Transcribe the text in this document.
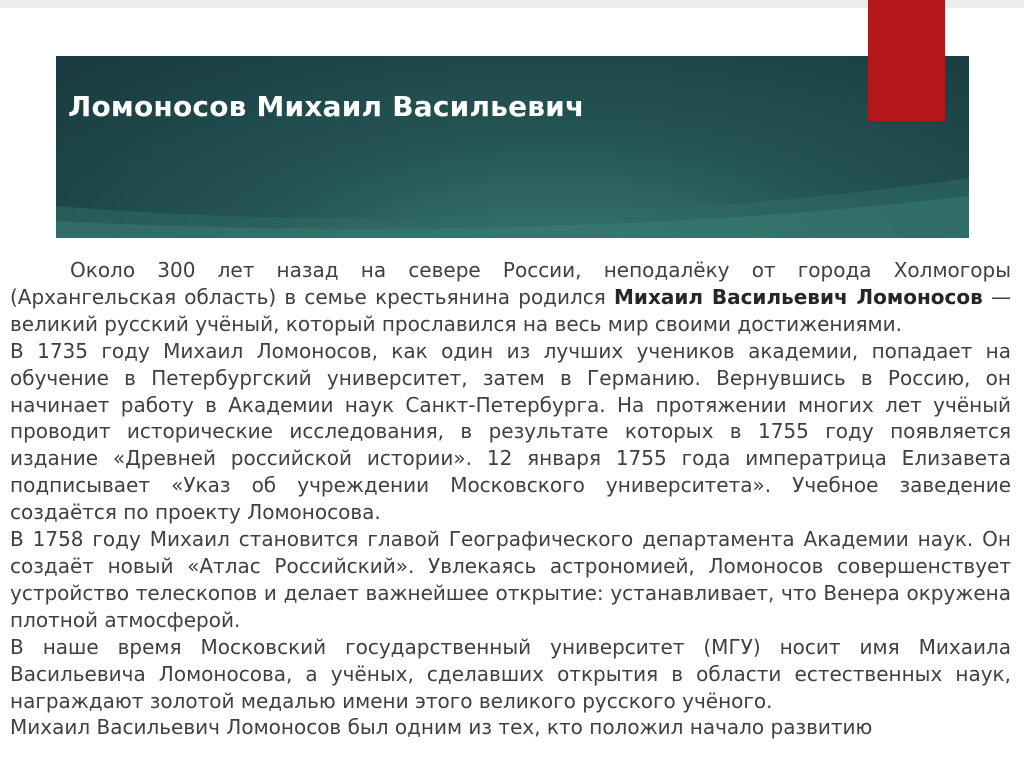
Ломоносов Михаил Васильевич

Около 300 лет назад на севере России, неподалёку от города Холмогоры (Архангельская область) в семье крестьянина родился Михаил Васильевич Ломоносов — великий русский учёный, который прославился на весь мир своими достижениями.

В 1735 году Михаил Ломоносов, как один из лучших учеников академии, попадает на обучение в Петербургский университет, затем в Германию. Вернувшись в Россию, он начинает работу в Академии наук Санкт-Петербурга. На протяжении многих лет учёный проводит исторические исследования, в результате которых в 1755 году появляется издание «Древней российской истории». 12 января 1755 года императрица Елизавета подписывает «Указ об учреждении Московского университета». Учебное заведение создаётся по проекту Ломоносова.

В 1758 году Михаил становится главой Географического департамента Академии наук. Он создаёт новый «Атлас Российский». Увлекаясь астрономией, Ломоносов совершенствует устройство телескопов и делает важнейшее открытие: устанавливает, что Венера окружена плотной атмосферой.

В наше время Московский государственный университет (МГУ) носит имя Михаила Васильевича Ломоносова, а учёных, сделавших открытия в области естественных наук, награждают золотой медалью имени этого великого русского учёного.

Михаил Васильевич Ломоносов был одним из тех, кто положил начало развитию
